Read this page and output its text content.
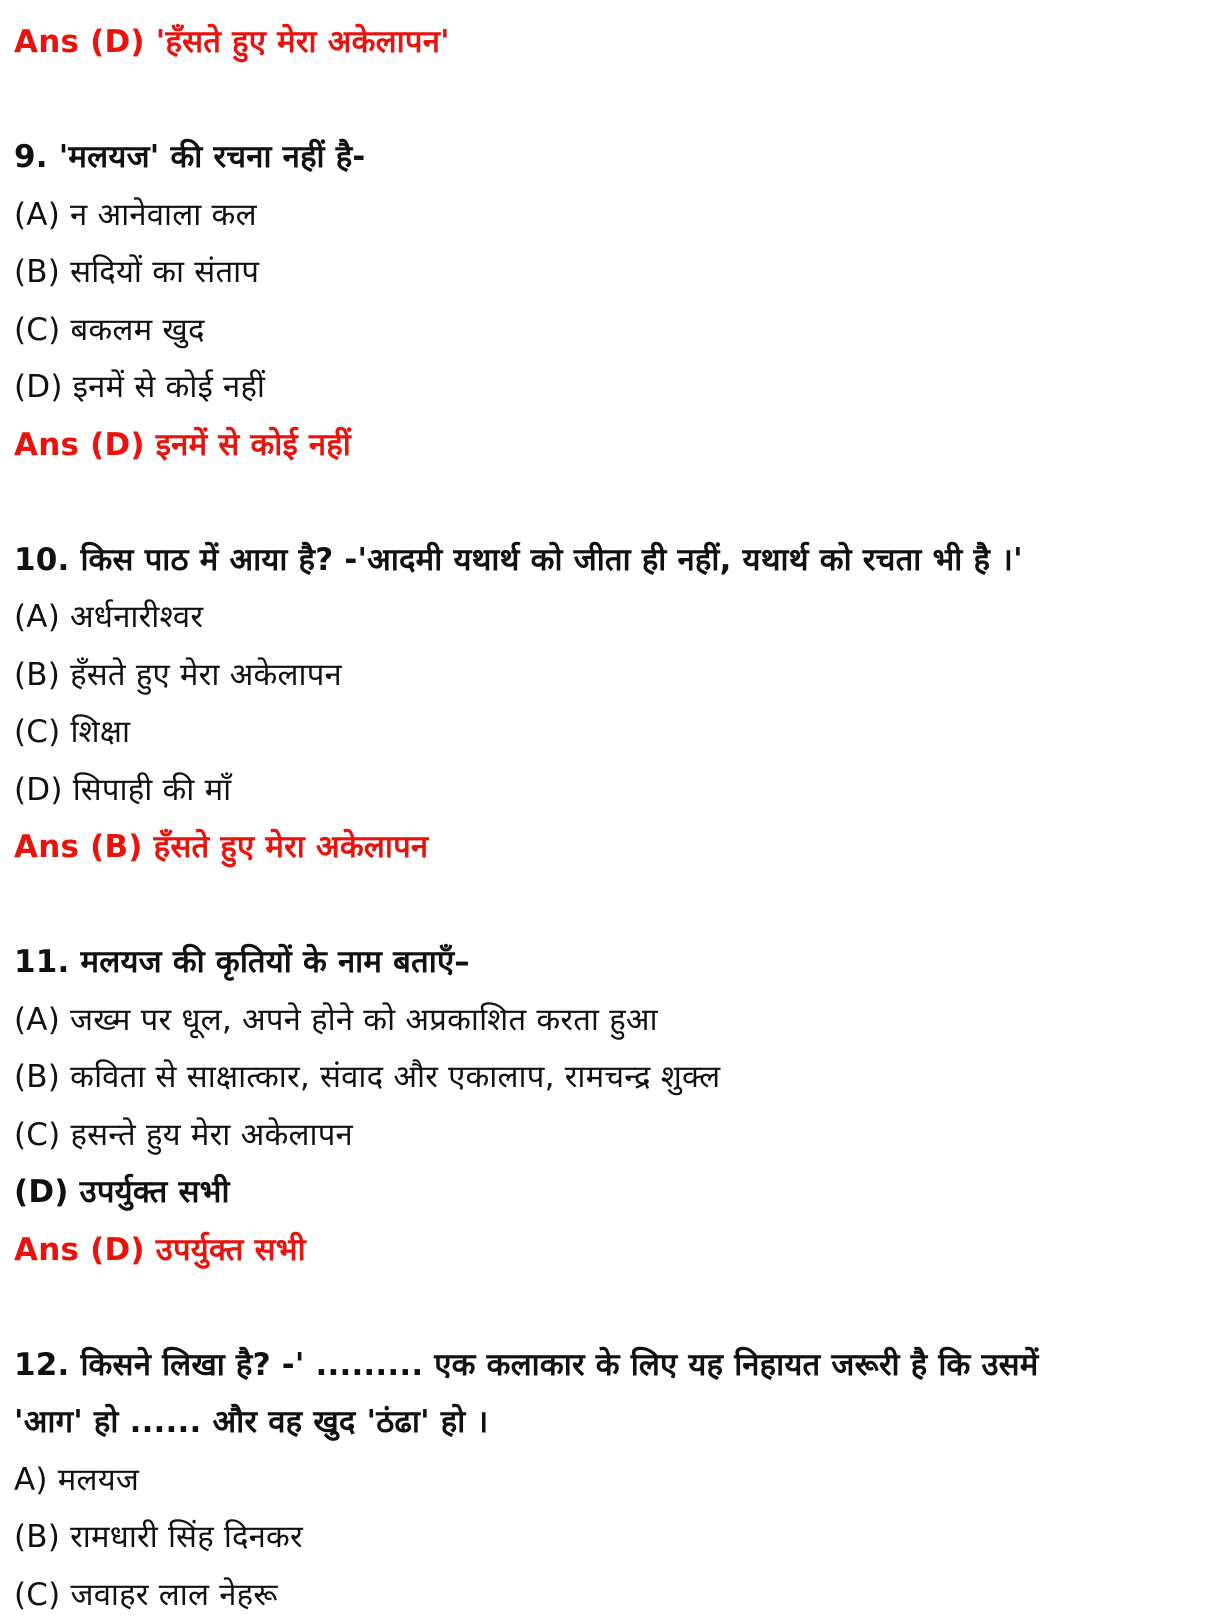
Ans (D) 'हँसते हुए मेरा अकेलापन'
9. 'मलयज' की रचना नहीं है-
(A) न आनेवाला कल
(B) सदियों का संताप
(C) बकलम खुद
(D) इनमें से कोई नहीं
Ans (D) इनमें से कोई नहीं
10. किस पाठ में आया है? -'आदमी यथार्थ को जीता ही नहीं, यथार्थ को रचता भी है ।'
(A) अर्धनारीश्वर
(B) हँसते हुए मेरा अकेलापन
(C) शिक्षा
(D) सिपाही की माँ
Ans (B) हँसते हुए मेरा अकेलापन
11. मलयज की कृतियों के नाम बताएँ–
(A) जख्म पर धूल, अपने होने को अप्रकाशित करता हुआ
(B) कविता से साक्षात्कार, संवाद और एकालाप, रामचन्द्र शुक्ल
(C) हसन्ते हुय मेरा अकेलापन
(D) उपर्युक्त सभी
Ans (D) उपर्युक्त सभी
12. किसने लिखा है? -' ......... एक कलाकार के लिए यह निहायत जरूरी है कि उसमें
'आग' हो ...... और वह खुद 'ठंढा' हो ।
A) मलयज
(B) रामधारी सिंह दिनकर
(C) जवाहर लाल नेहरू
